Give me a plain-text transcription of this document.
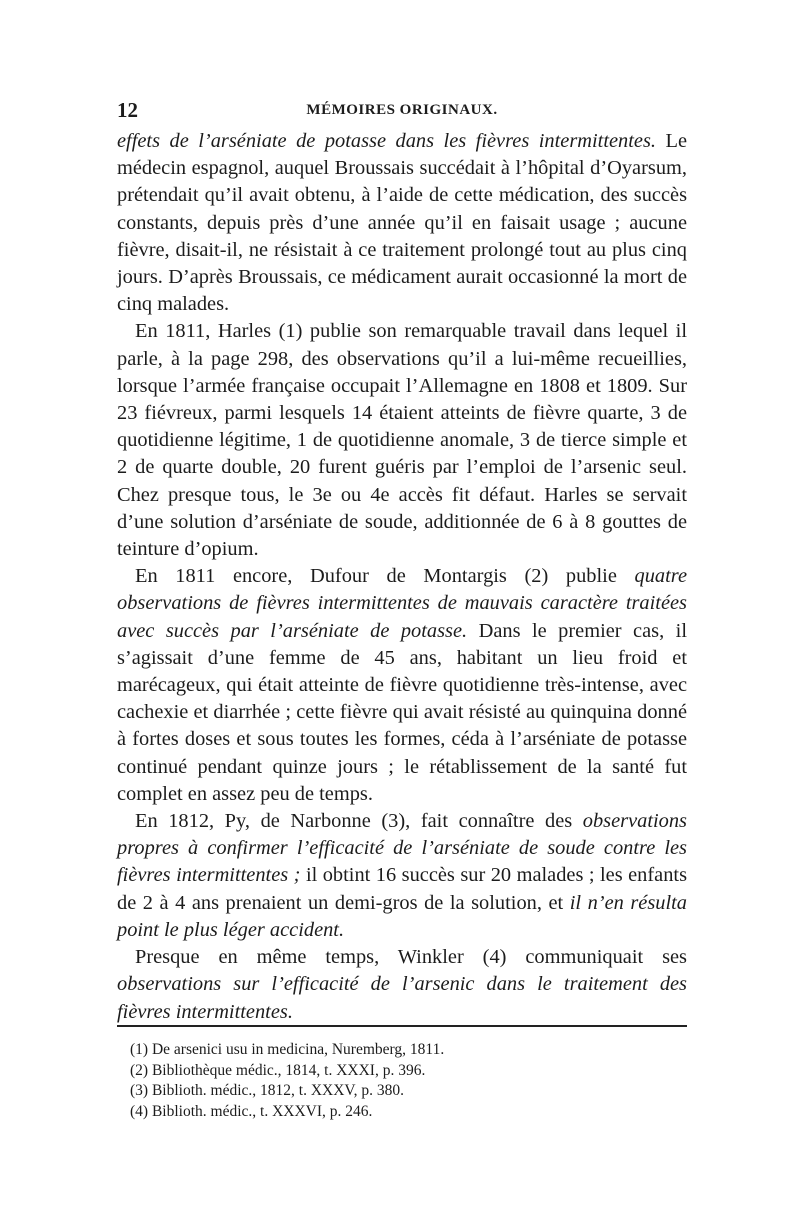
12	MÉMOIRES ORIGINAUX.

effets de l’arséniate de potasse dans les fièvres intermittentes. Le médecin espagnol, auquel Broussais succédait à l’hôpital d’Oyarsum, prétendait qu’il avait obtenu, à l’aide de cette médication, des succès constants, depuis près d’une année qu’il en faisait usage ; aucune fièvre, disait-il, ne résistait à ce traitement prolongé tout au plus cinq jours. D’après Broussais, ce médicament aurait occasionné la mort de cinq malades.

En 1811, Harles (1) publie son remarquable travail dans lequel il parle, à la page 298, des observations qu’il a lui-même recueillies, lorsque l’armée française occupait l’Allemagne en 1808 et 1809. Sur 23 fiévreux, parmi lesquels 14 étaient atteints de fièvre quarte, 3 de quotidienne légitime, 1 de quotidienne anomale, 3 de tierce simple et 2 de quarte double, 20 furent guéris par l’emploi de l’arsenic seul. Chez presque tous, le 3e ou 4e accès fit défaut. Harles se servait d’une solution d’arséniate de soude, additionnée de 6 à 8 gouttes de teinture d’opium.

En 1811 encore, Dufour de Montargis (2) publie quatre observations de fièvres intermittentes de mauvais caractère traitées avec succès par l’arséniate de potasse. Dans le premier cas, il s’agissait d’une femme de 45 ans, habitant un lieu froid et marécageux, qui était atteinte de fièvre quotidienne très-intense, avec cachexie et diarrhée ; cette fièvre qui avait résisté au quinquina donné à fortes doses et sous toutes les formes, céda à l’arséniate de potasse continué pendant quinze jours ; le rétablissement de la santé fut complet en assez peu de temps.

En 1812, Py, de Narbonne (3), fait connaître des observations propres à confirmer l’efficacité de l’arséniate de soude contre les fièvres intermittentes ; il obtint 16 succès sur 20 malades ; les enfants de 2 à 4 ans prenaient un demi-gros de la solution, et il n’en résulta point le plus léger accident.

Presque en même temps, Winkler (4) communiquait ses observations sur l’efficacité de l’arsenic dans le traitement des fièvres intermittentes.

(1) De arsenici usu in medicina, Nuremberg, 1811.
(2) Bibliothèque médic., 1814, t. XXXI, p. 396.
(3) Biblioth. médic., 1812, t. XXXV, p. 380.
(4) Biblioth. médic., t. XXXVI, p. 246.
